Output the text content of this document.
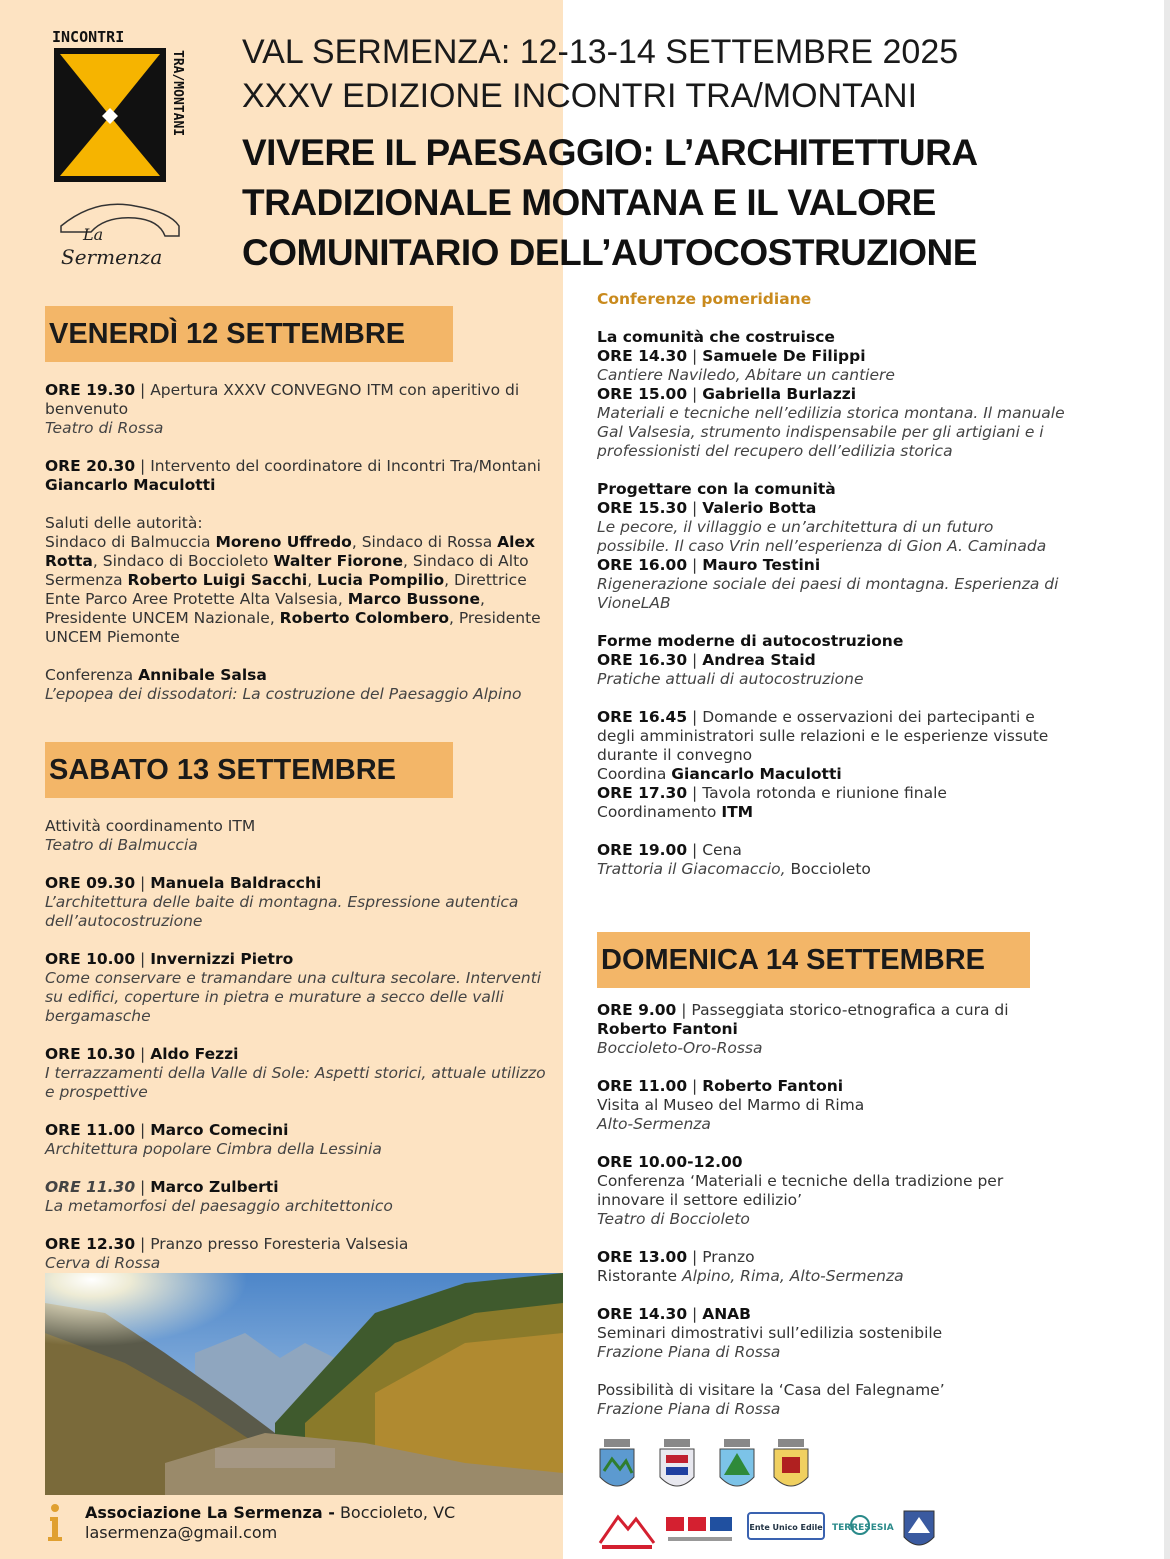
INCONTRI
TRA/MONTANI
La
Sermenza
VAL SERMENZA: 12-13-14 SETTEMBRE 2025
XXXV EDIZIONE INCONTRI TRA/MONTANI
VIVERE IL PAESAGGIO: L’ARCHITETTURA
TRADIZIONALE MONTANA E IL VALORE
COMUNITARIO DELL’AUTOCOSTRUZIONE
VENERDÌ 12 SETTEMBRE

ORE 19.30 | Apertura XXXV CONVEGNO ITM con aperitivo di benvenuto

Teatro di Rossa

ORE 20.30 | Intervento del coordinatore di Incontri Tra/Montani Giancarlo Maculotti

Saluti delle autorità:

Sindaco di Balmuccia Moreno Uffredo, Sindaco di Rossa Alex Rotta, Sindaco di Boccioleto Walter Fiorone, Sindaco di Alto Sermenza Roberto Luigi Sacchi, Lucia Pompilio, Direttrice Ente Parco Aree Protette Alta Valsesia, Marco Bussone, Presidente UNCEM Nazionale, Roberto Colombero, Presidente UNCEM Piemonte

Conferenza Annibale Salsa

L’epopea dei dissodatori: La costruzione del Paesaggio Alpino

SABATO 13 SETTEMBRE

Attività coordinamento ITM

Teatro di Balmuccia

ORE 09.30 | Manuela Baldracchi

L’architettura delle baite di montagna. Espressione autentica dell’autocostruzione

ORE 10.00 | Invernizzi Pietro

Come conservare e tramandare una cultura secolare. Interventi su edifici, coperture in pietra e murature a secco delle valli bergamasche

ORE 10.30 | Aldo Fezzi

I terrazzamenti della Valle di Sole: Aspetti storici, attuale utilizzo e prospettive

ORE 11.00 | Marco Comecini

Architettura popolare Cimbra della Lessinia

ORE 11.30 | Marco Zulberti

La metamorfosi del paesaggio architettonico

ORE 12.30 | Pranzo presso Foresteria Valsesia

Cerva di Rossa

Conferenze pomeridiane

La comunità che costruisce

ORE 14.30 | Samuele De Filippi

Cantiere Naviledo, Abitare un cantiere

ORE 15.00 | Gabriella Burlazzi

Materiali e tecniche nell’edilizia storica montana. Il manuale Gal Valsesia, strumento indispensabile per gli artigiani e i professionisti del recupero dell’edilizia storica

Progettare con la comunità

ORE 15.30 | Valerio Botta

Le pecore, il villaggio e un’architettura di un futuro possibile. Il caso Vrin nell’esperienza di Gion A. Caminada

ORE 16.00 | Mauro Testini

Rigenerazione sociale dei paesi di montagna. Esperienza di VioneLAB

Forme moderne di autocostruzione

ORE 16.30 | Andrea Staid

Pratiche attuali di autocostruzione

ORE 16.45 | Domande e osservazioni dei partecipanti e degli amministratori sulle relazioni e le esperienze vissute durante il convegno

Coordina Giancarlo Maculotti

ORE 17.30 | Tavola rotonda e riunione finale

Coordinamento ITM

ORE 19.00 | Cena

Trattoria il Giacomaccio, Boccioleto

DOMENICA 14 SETTEMBRE

ORE 9.00 | Passeggiata storico-etnografica a cura di

Roberto Fantoni

Boccioleto-Oro-Rossa

ORE 11.00 | Roberto Fantoni

Visita al Museo del Marmo di Rima

Alto-Sermenza

ORE 10.00-12.00

Conferenza ‘Materiali e tecniche della tradizione per innovare il settore edilizio’

Teatro di Boccioleto

ORE 13.00 | Pranzo

Ristorante Alpino, Rima, Alto-Sermenza

ORE 14.30 | ANAB

Seminari dimostrativi sull’edilizia sostenibile

Frazione Piana di Rossa

Possibilità di visitare la ‘Casa del Falegname’

Frazione Piana di Rossa

Ente Unico Edile TERRESESIA
i Associazione La Sermenza - Boccioleto, VC

lasermenza@gmail.com
